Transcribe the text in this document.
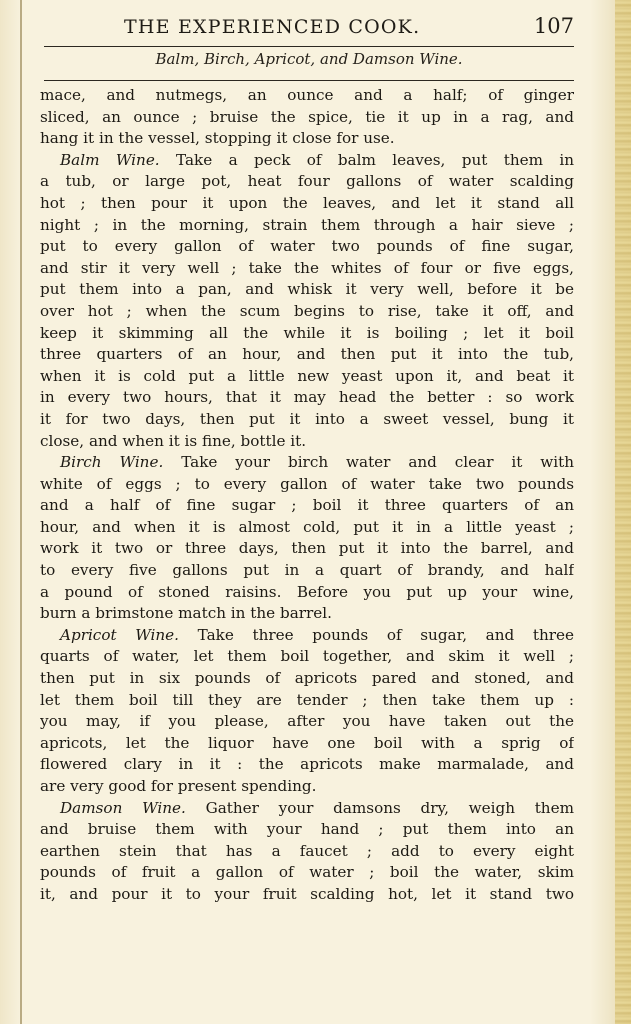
THE EXPERIENCED COOK.	107
Balm, Birch, Apricot, and Damson Wine.
mace, and nutmegs, an ounce and a half; of ginger
sliced, an ounce ; bruise the spice, tie it up in a rag, and
hang it in the vessel, stopping it close for use.
Balm Wine. Take a peck of balm leaves, put them in
a tub, or large pot, heat four gallons of water scalding
hot ; then pour it upon the leaves, and let it stand all
night ; in the morning, strain them through a hair sieve ;
put to every gallon of water two pounds of fine sugar,
and stir it very well ; take the whites of four or five eggs,
put them into a pan, and whisk it very well, before it be
over hot ; when the scum begins to rise, take it off, and
keep it skimming all the while it is boiling ; let it boil
three quarters of an hour, and then put it into the tub,
when it is cold put a little new yeast upon it, and beat it
in every two hours, that it may head the better : so work
it for two days, then put it into a sweet vessel, bung it
close, and when it is fine, bottle it.
Birch Wine. Take your birch water and clear it with
white of eggs ; to every gallon of water take two pounds
and a half of fine sugar ; boil it three quarters of an
hour, and when it is almost cold, put it in a little yeast ;
work it two or three days, then put it into the barrel, and
to every five gallons put in a quart of brandy, and half
a pound of stoned raisins. Before you put up your wine,
burn a brimstone match in the barrel.
Apricot Wine. Take three pounds of sugar, and three
quarts of water, let them boil together, and skim it well ;
then put in six pounds of apricots pared and stoned, and
let them boil till they are tender ; then take them up :
you may, if you please, after you have taken out the
apricots, let the liquor have one boil with a sprig of
flowered clary in it : the apricots make marmalade, and
are very good for present spending.
Damson Wine. Gather your damsons dry, weigh them
and bruise them with your hand ; put them into an
earthen stein that has a faucet ; add to every eight
pounds of fruit a gallon of water ; boil the water, skim
it, and pour it to your fruit scalding hot, let it stand two
